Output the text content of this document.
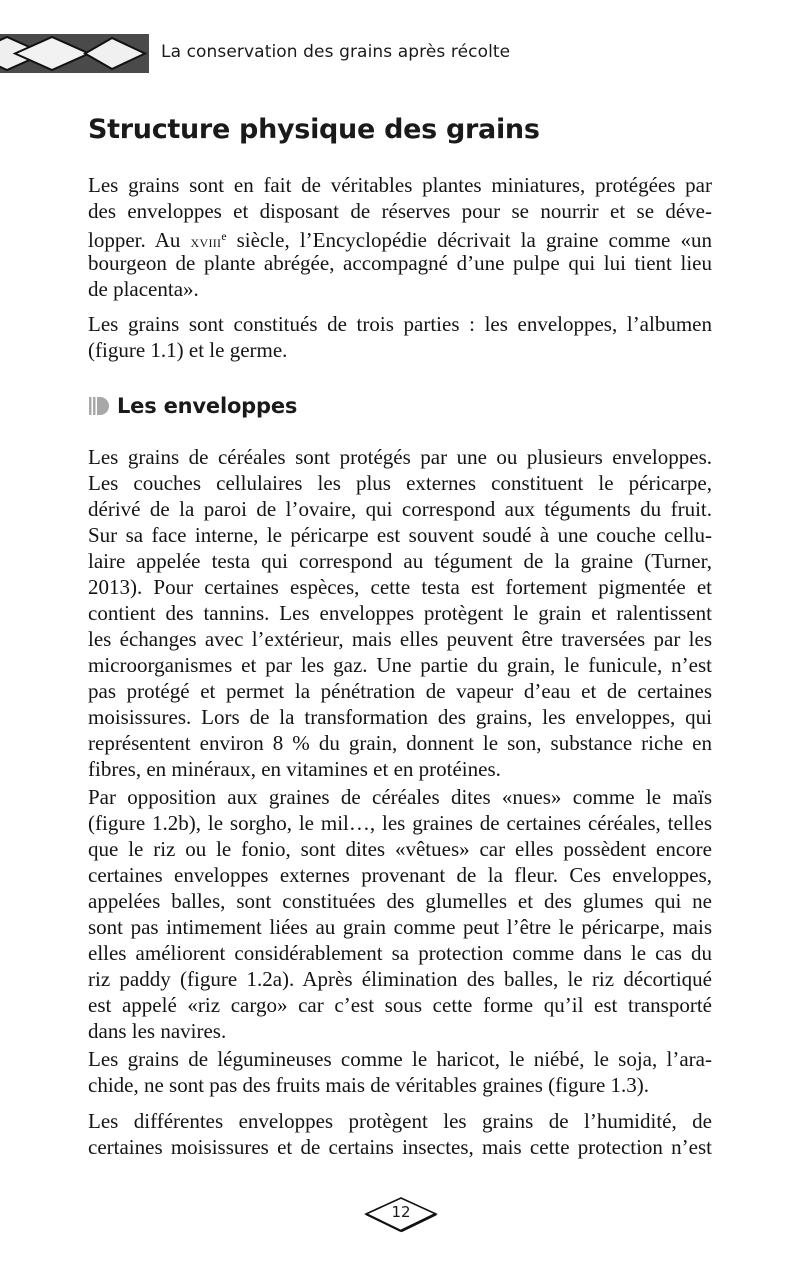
La conservation des grains après récolte
Structure physique des grains
Les grains sont en fait de véritables plantes miniatures, protégées par
des enveloppes et disposant de réserves pour se nourrir et se déve-
lopper. Au xviii$^e$ siècle, l’Encyclopédie décrivait la graine comme «un
bourgeon de plante abrégée, accompagné d’une pulpe qui lui tient lieu
de placenta».
Les grains sont constitués de trois parties : les enveloppes, l’albumen
(figure 1.1) et le germe.
Les enveloppes
Les grains de céréales sont protégés par une ou plusieurs enveloppes.
Les couches cellulaires les plus externes constituent le péricarpe,
dérivé de la paroi de l’ovaire, qui correspond aux téguments du fruit.
Sur sa face interne, le péricarpe est souvent soudé à une couche cellu-
laire appelée testa qui correspond au tégument de la graine (Turner,
2013). Pour certaines espèces, cette testa est fortement pigmentée et
contient des tannins. Les enveloppes protègent le grain et ralentissent
les échanges avec l’extérieur, mais elles peuvent être traversées par les
microorganismes et par les gaz. Une partie du grain, le funicule, n’est
pas protégé et permet la pénétration de vapeur d’eau et de certaines
moisissures. Lors de la transformation des grains, les enveloppes, qui
représentent environ 8 % du grain, donnent le son, substance riche en
fibres, en minéraux, en vitamines et en protéines.
Par opposition aux graines de céréales dites «nues» comme le maïs
(figure 1.2b), le sorgho, le mil…, les graines de certaines céréales, telles
que le riz ou le fonio, sont dites «vêtues» car elles possèdent encore
certaines enveloppes externes provenant de la fleur. Ces enveloppes,
appelées balles, sont constituées des glumelles et des glumes qui ne
sont pas intimement liées au grain comme peut l’être le péricarpe, mais
elles améliorent considérablement sa protection comme dans le cas du
riz paddy (figure 1.2a). Après élimination des balles, le riz décortiqué
est appelé «riz cargo» car c’est sous cette forme qu’il est transporté
dans les navires.
Les grains de légumineuses comme le haricot, le niébé, le soja, l’ara-
chide, ne sont pas des fruits mais de véritables graines (figure 1.3).
Les différentes enveloppes protègent les grains de l’humidité, de
certaines moisissures et de certains insectes, mais cette protection n’est
12
